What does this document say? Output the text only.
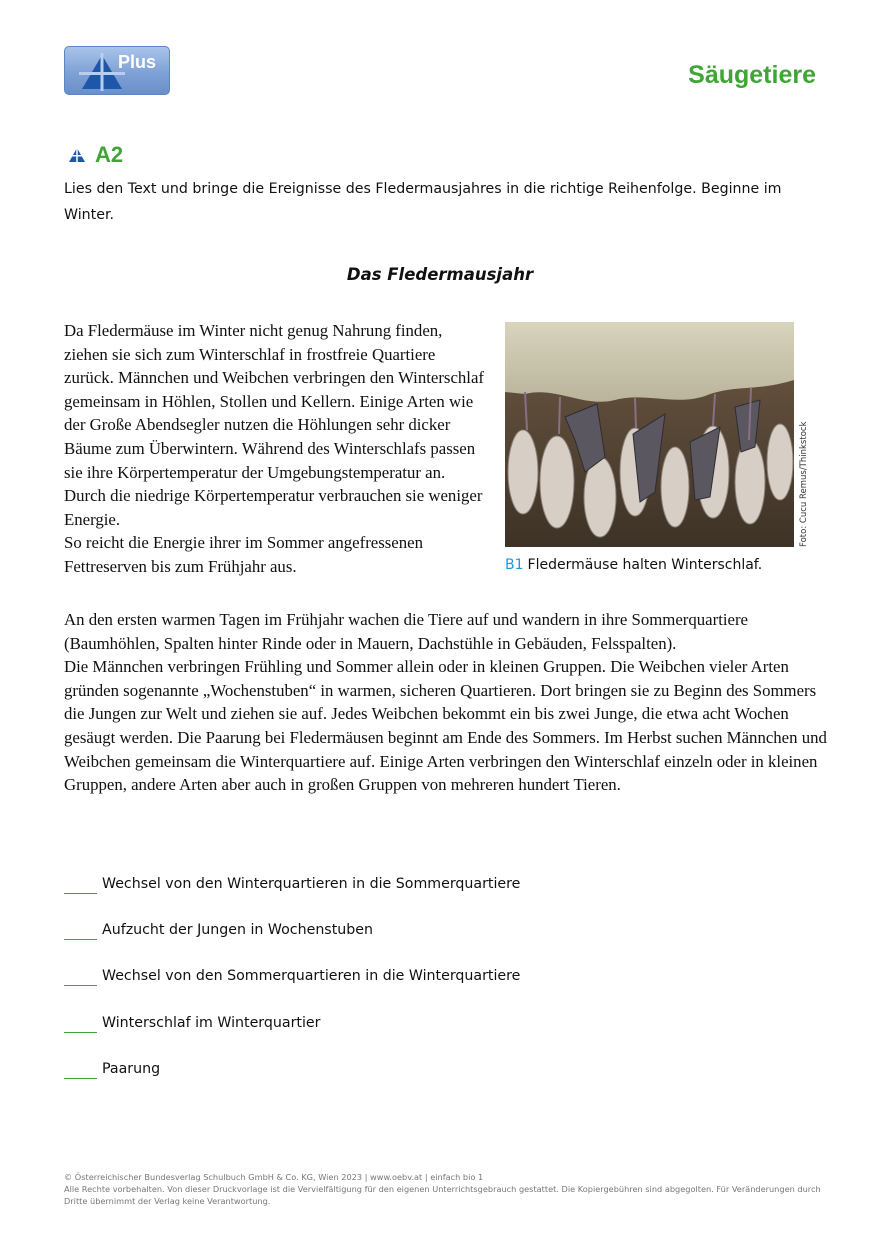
Plus	Säugetiere
A2
Lies den Text und bringe die Ereignisse des Fledermausjahres in die richtige Reihenfolge. Beginne im Winter.
Das Fledermausjahr
Da Fledermäuse im Winter nicht genug Nahrung finden, ziehen sie sich zum Winterschlaf in frostfreie Quartiere zurück. Männchen und Weibchen verbringen den Winterschlaf gemeinsam in Höhlen, Stollen und Kellern. Einige Arten wie der Große Abendsegler nutzen die Höhlungen sehr dicker Bäume zum Überwintern. Während des Winterschlafs passen sie ihre Körpertemperatur der Umgebungstemperatur an. Durch die niedrige Körpertemperatur verbrauchen sie weniger Energie.
So reicht die Energie ihrer im Sommer angefressenen Fettreserven bis zum Frühjahr aus.
Foto: Cucu Remus/Thinkstock
B1 Fledermäuse halten Winterschlaf.
An den ersten warmen Tagen im Frühjahr wachen die Tiere auf und wandern in ihre Sommerquartiere (Baumhöhlen, Spalten hinter Rinde oder in Mauern, Dachstühle in Gebäuden, Felsspalten).
Die Männchen verbringen Frühling und Sommer allein oder in kleinen Gruppen. Die Weibchen vieler Arten gründen sogenannte „Wochenstuben“ in warmen, sicheren Quartieren. Dort bringen sie zu Beginn des Sommers die Jungen zur Welt und ziehen sie auf. Jedes Weibchen bekommt ein bis zwei Junge, die etwa acht Wochen gesäugt werden. Die Paarung bei Fledermäusen beginnt am Ende des Sommers. Im Herbst suchen Männchen und Weibchen gemeinsam die Winterquartiere auf. Einige Arten verbringen den Winterschlaf einzeln oder in kleinen Gruppen, andere Arten aber auch in großen Gruppen von mehreren hundert Tieren.
Wechsel von den Winterquartieren in die Sommerquartiere
Aufzucht der Jungen in Wochenstuben
Wechsel von den Sommerquartieren in die Winterquartiere
Winterschlaf im Winterquartier
Paarung
© Österreichischer Bundesverlag Schulbuch GmbH & Co. KG, Wien 2023 | www.oebv.at | einfach bio 1
Alle Rechte vorbehalten. Von dieser Druckvorlage ist die Vervielfältigung für den eigenen Unterrichtsgebrauch gestattet. Die Kopiergebühren sind abgegolten. Für Veränderungen durch Dritte übernimmt der Verlag keine Verantwortung.
